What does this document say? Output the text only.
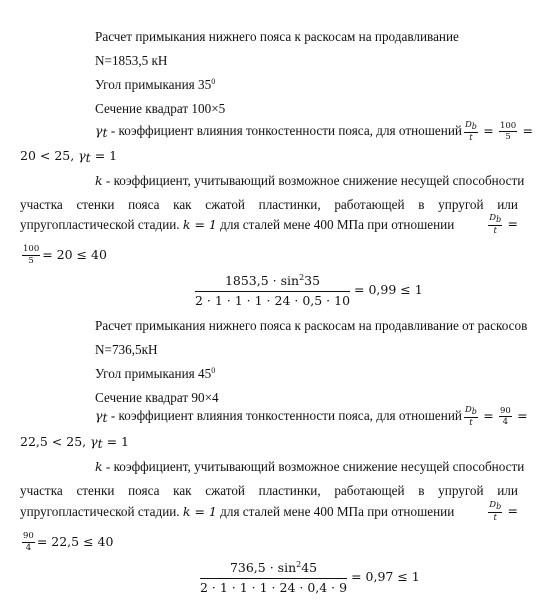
Расчет примыкания нижнего пояса к раскосам на продавливание
N=1853,5 кН
Угол примыкания $35^0$
Сечение квадрат 100×5
$\gamma_t$ - коэффициент влияния тонкостенности пояса, для отношений $\frac{D_b}{t} = \frac{100}{5}$ =
20 < 25, $\gamma_t = 1$
k - коэффициент, учитывающий возможное снижение несущей способности
участка стенки пояса как сжатой пластинки, работающей в упругой или
упругопластической стадии. k = 1 для сталей мене 400 МПа при отношении	$\frac{D_b}{t}$ =
$\frac{100}{5} = 20 \le 40$
$\frac{1853,5 \cdot \sin^235}{2 \cdot 1 \cdot 1 \cdot 1 \cdot 24 \cdot 0,5 \cdot 10} = 0,99 \le 1$
Расчет примыкания нижнего пояса к раскосам на продавливание от раскосов
N=736,5кН
Угол примыкания $45^0$
Сечение квадрат 90×4
$\gamma_t$ - коэффициент влияния тонкостенности пояса, для отношений $\frac{D_b}{t} = \frac{90}{4}$ =
22,5 < 25, $\gamma_t = 1$
k - коэффициент, учитывающий возможное снижение несущей способности
участка стенки пояса как сжатой пластинки, работающей в упругой или
упругопластической стадии. k = 1 для сталей мене 400 МПа при отношении	$\frac{D_b}{t}$ =
$\frac{90}{4} = 22,5 \le 40$
$\frac{736,5 \cdot \sin^245}{2 \cdot 1 \cdot 1 \cdot 1 \cdot 24 \cdot 0,4 \cdot 9} = 0,97 \le 1$
